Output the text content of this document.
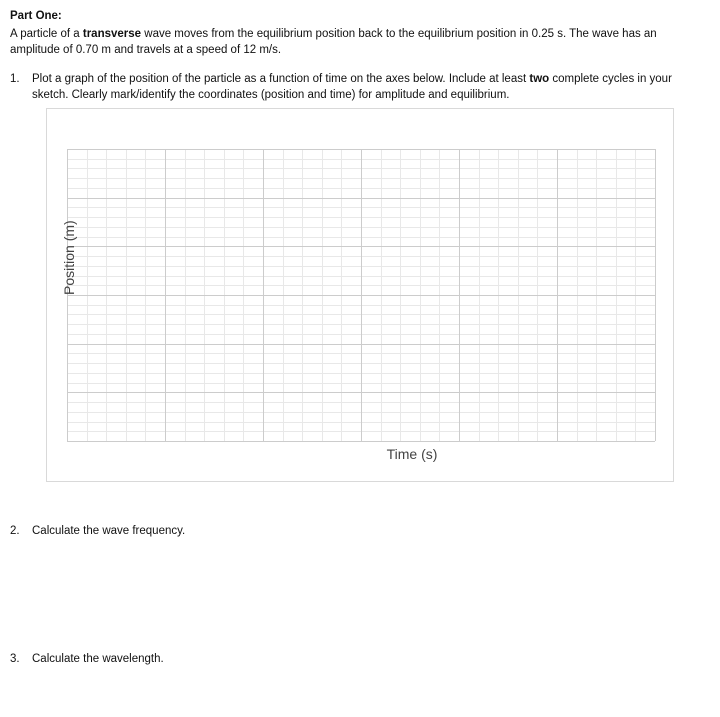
Part One:

A particle of a transverse wave moves from the equilibrium position back to the equilibrium position in 0.25 s. The wave has an amplitude of 0.70 m and travels at a speed of 12 m/s.

1. Plot a graph of the position of the particle as a function of time on the axes below. Include at least two complete cycles in your sketch. Clearly mark/identify the coordinates (position and time) for amplitude and equilibrium.

Position (m)

Time (s)

2. Calculate the wave frequency.
3. Calculate the wavelength.
